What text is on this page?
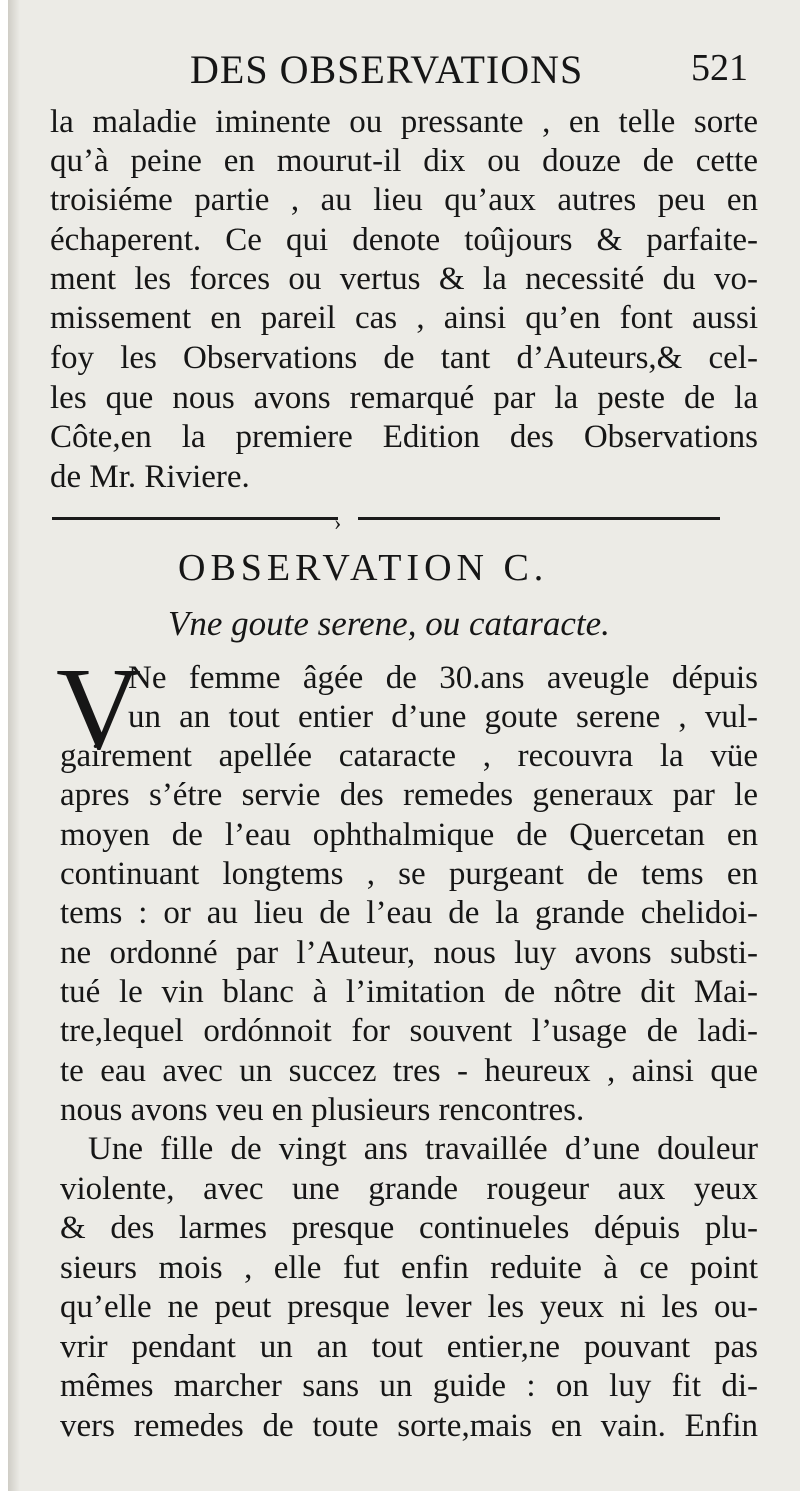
DES OBSERVATIONS	521
la maladie iminente ou pressante , en telle sorte
qu’à peine en mourut-il dix ou douze de cette
troisiéme partie , au lieu qu’aux autres peu en
échaperent. Ce qui denote toûjours & parfaite-
ment les forces ou vertus & la necessité du vo-
missement en pareil cas , ainsi qu’en font aussi
foy les Observations de tant d’Auteurs,& cel-
les que nous avons remarqué par la peste de la
Côte,en la premiere Edition des Observations
de Mr. Riviere.
›
OBSERVATION C.
Vne goute serene, ou cataracte.
V
Ne femme âgée de 30.ans aveugle dépuis
un an tout entier d’une goute serene , vul-
gairement apellée cataracte , recouvra la vüe
apres s’étre servie des remedes generaux par le
moyen de l’eau ophthalmique de Quercetan en
continuant longtems , se purgeant de tems en
tems : or au lieu de l’eau de la grande chelidoi-
ne ordonné par l’Auteur, nous luy avons substi-
tué le vin blanc à l’imitation de nôtre dit Mai-
tre,lequel ordónnoit for souvent l’usage de ladi-
te eau avec un succez tres - heureux , ainsi que
nous avons veu en plusieurs rencontres.
Une fille de vingt ans travaillée d’une douleur
violente, avec une grande rougeur aux yeux
& des larmes presque continueles dépuis plu-
sieurs mois , elle fut enfin reduite à ce point
qu’elle ne peut presque lever les yeux ni les ou-
vrir pendant un an tout entier,ne pouvant pas
mêmes marcher sans un guide : on luy fit di-
vers remedes de toute sorte,mais en vain. Enfin
